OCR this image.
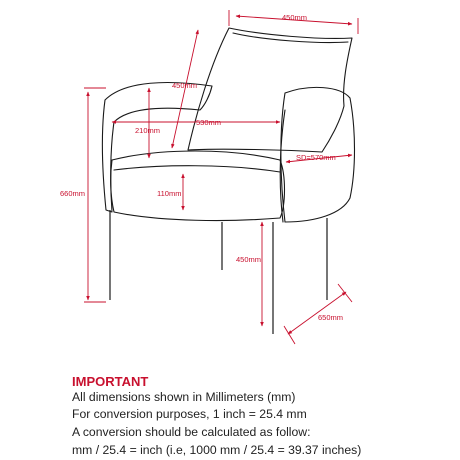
450mm
450mm
530mm
210mm
SD=570mm
660mm	110mm
450mm
650mm
IMPORTANT
All dimensions shown in Millimeters (mm)
For conversion purposes, 1 inch = 25.4 mm
A conversion should be calculated as follow:
mm / 25.4 = inch (i.e, 1000 mm / 25.4 = 39.37 inches)
